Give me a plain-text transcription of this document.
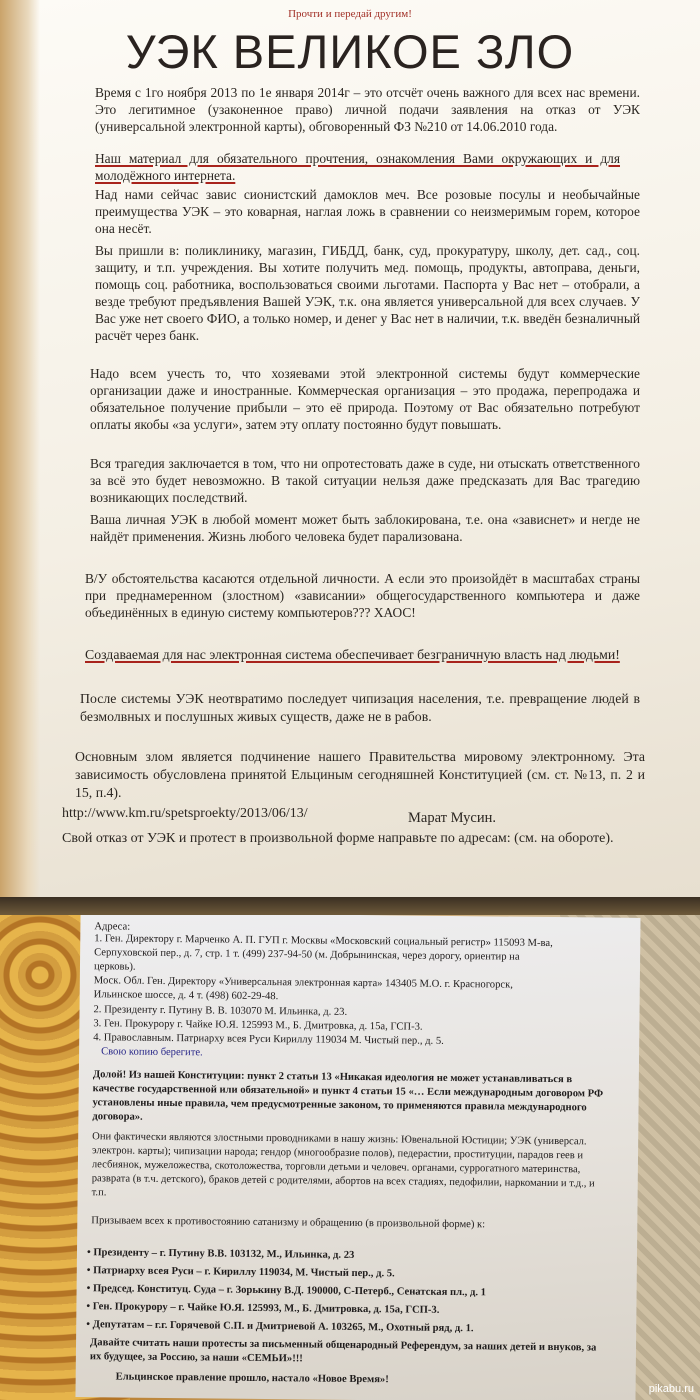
Прочти и передай другим!
УЭК ВЕЛИКОЕ ЗЛО

Время с 1го ноября 2013 по 1е января 2014г – это отсчёт очень важного для всех нас времени. Это легитимное (узаконенное право) личной подачи заявления на отказ от УЭК (универсальной электронной карты), обговоренный ФЗ №210 от 14.06.2010 года.

Наш материал для обязательного прочтения, ознакомления Вами окружающих и для молодёжного интернета.

Над нами сейчас завис сионистский дамоклов меч. Все розовые посулы и необычайные преимущества УЭК – это коварная, наглая ложь в сравнении со неизмеримым горем, которое она несёт.

Вы пришли в: поликлинику, магазин, ГИБДД, банк, суд, прокуратуру, школу, дет. сад., соц. защиту, и т.п. учреждения. Вы хотите получить мед. помощь, продукты, автоправа, деньги, помощь соц. работника, воспользоваться своими льготами. Паспорта у Вас нет – отобрали, а везде требуют предъявления Вашей УЭК, т.к. она является универсальной для всех случаев. У Вас уже нет своего ФИО, а только номер, и денег у Вас нет в наличии, т.к. введён безналичный расчёт через банк.

Надо всем учесть то, что хозяевами этой электронной системы будут коммерческие организации даже и иностранные. Коммерческая организация – это продажа, перепродажа и обязательное получение прибыли – это её природа. Поэтому от Вас обязательно потребуют оплаты якобы «за услуги», затем эту оплату постоянно будут повышать.

Вся трагедия заключается в том, что ни опротестовать даже в суде, ни отыскать ответственного за всё это будет невозможно. В такой ситуации нельзя даже предсказать для Вас трагедию возникающих последствий.

Ваша личная УЭК в любой момент может быть заблокирована, т.е. она «зависнет» и негде не найдёт применения. Жизнь любого человека будет парализована.

В/У обстоятельства касаются отдельной личности. А если это произойдёт в масштабах страны при преднамеренном (злостном) «зависании» общегосударственного компьютера и даже объединённых в единую систему компьютеров??? ХАОС!

Создаваемая для нас электронная система обеспечивает безграничную власть над людьми!

После системы УЭК неотвратимо последует чипизация населения, т.е. превращение людей в безмолвных и послушных живых существ, даже не в рабов.

Основным злом является подчинение нашего Правительства мировому электронному. Эта зависимость обусловлена принятой Ельциным сегодняшней Конституцией (см. ст. №13, п. 2 и 15, п.4).

http://www.km.ru/spetsproekty/2013/06/13/	Марат Мусин.

Свой отказ от УЭК и протест в произвольной форме направьте по адресам: (см. на обороте).

Адреса:

1. Ген. Директору г. Марченко А. П. ГУП г. Москвы «Московский социальный регистр» 115093 М-ва, Серпуховской пер., д. 7, стр. 1 т. (499) 237-94-50 (м. Добрынинская, через дорогу, ориентир на церковь).

Моск. Обл. Ген. Директору «Универсальная электронная карта» 143405 М.О. г. Красногорск, Ильинское шоссе, д. 4 т. (498) 602-29-48.

2. Президенту г. Путину В. В. 103070 М. Ильинка, д. 23.

3. Ген. Прокурору г. Чайке Ю.Я. 125993 М., Б. Дмитровка, д. 15а, ГСП-3.

4. Православным. Патриарху всея Руси Кириллу 119034 М. Чистый пер., д. 5.

Свою копию берегите.

Долой! Из нашей Конституции: пункт 2 статьи 13 «Никакая идеология не может устанавливаться в качестве государственной или обязательной» и пункт 4 статьи 15 «… Если международным договором РФ установлены иные правила, чем предусмотренные законом, то применяются правила международного договора».

Они фактически являются злостными проводниками в нашу жизнь: Ювенальной Юстиции; УЭК (универсал. электрон. карты); чипизации народа; гендор (многообразие полов), педерастии, проституции, парадов геев и лесбиянок, мужеложества, скотоложества, торговли детьми и человеч. органами, суррогатного материнства, разврата (в т.ч. детского), браков детей с родителями, абортов на всех стадиях, педофилии, наркомании и т.д., и т.п.

Призываем всех к противостоянию сатанизму и обращению (в произвольной форме) к:

• Президенту – г. Путину В.В. 103132, М., Ильинка, д. 23

• Патриарху всея Руси – г. Кириллу 119034, М. Чистый пер., д. 5.

• Председ. Конституц. Суда – г. Зорькину В.Д. 190000, С-Петерб., Сенатская пл., д. 1

• Ген. Прокурору – г. Чайке Ю.Я. 125993, М., Б. Дмитровка, д. 15а, ГСП-3.

• Депутатам – г.г. Горячевой С.П. и Дмитриевой А. 103265, М., Охотный ряд, д. 1.

Давайте считать наши протесты за письменный общенародный Референдум, за наших детей и внуков, за их будущее, за Россию, за наши «СЕМЬИ»!!!

Ельцинское правление прошло, настало «Новое Время»!

pikabu.ru
